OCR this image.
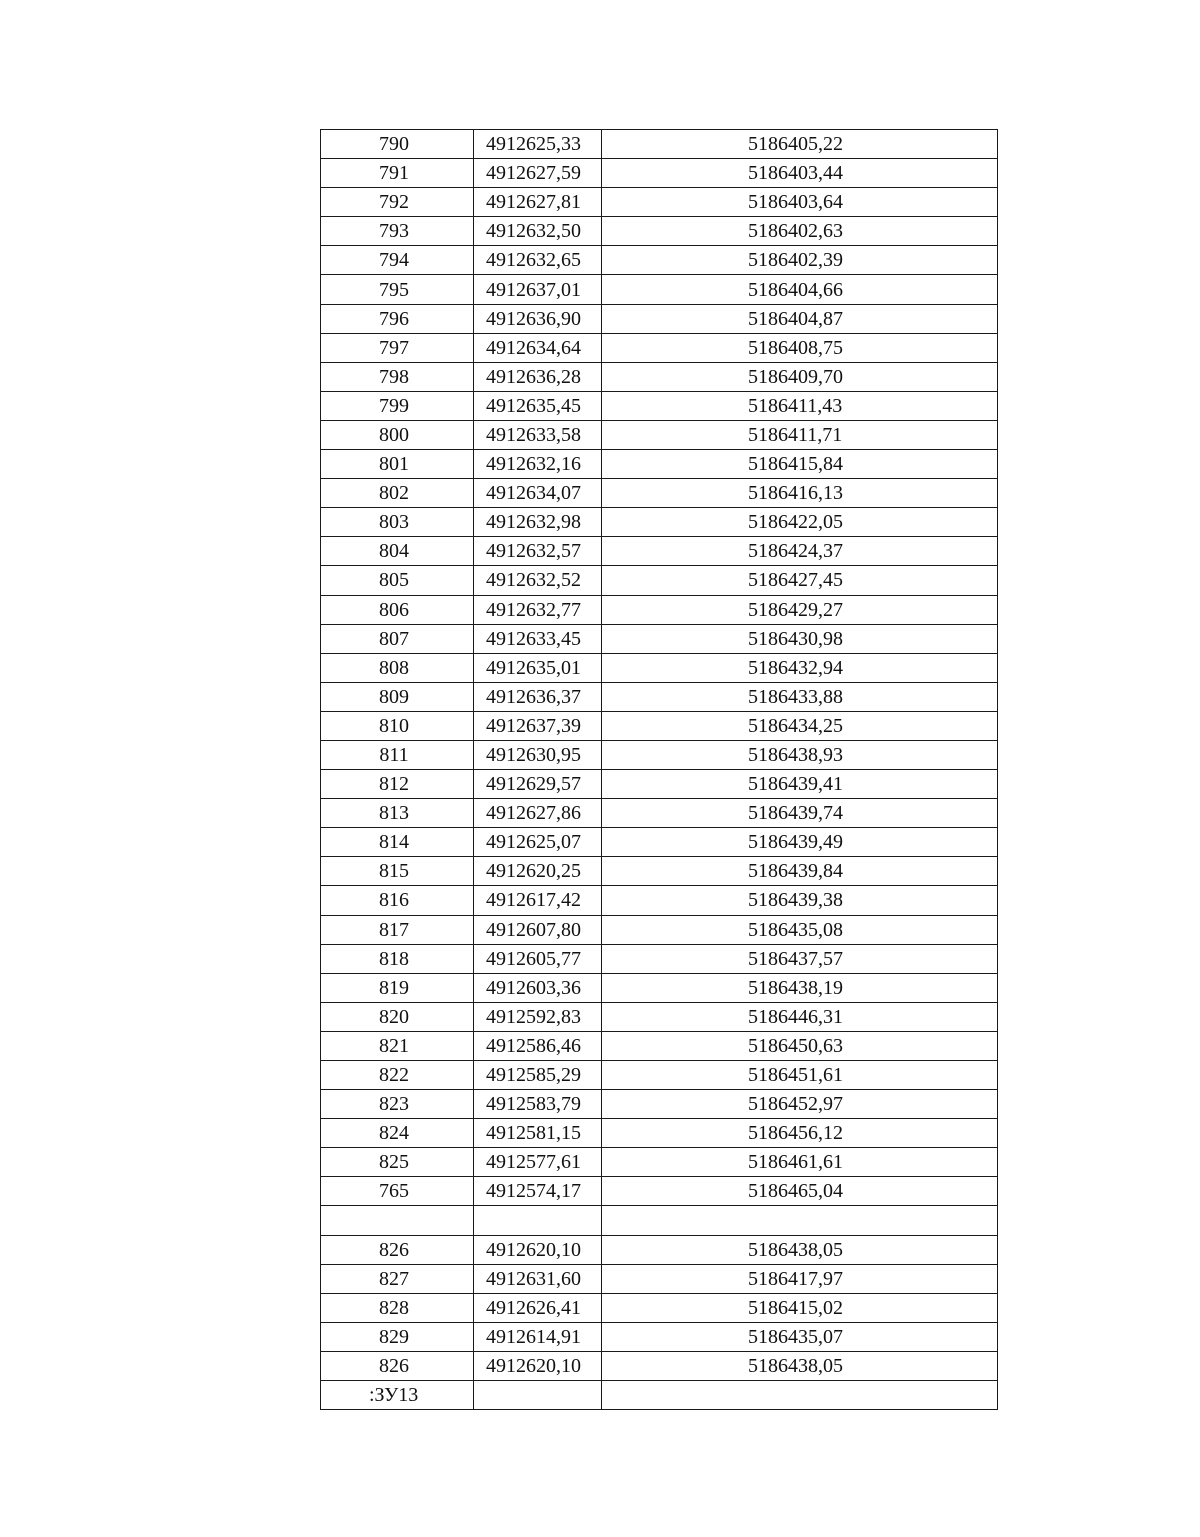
790	4912625,33	5186405,22
791	4912627,59	5186403,44
792	4912627,81	5186403,64
793	4912632,50	5186402,63
794	4912632,65	5186402,39
795	4912637,01	5186404,66
796	4912636,90	5186404,87
797	4912634,64	5186408,75
798	4912636,28	5186409,70
799	4912635,45	5186411,43
800	4912633,58	5186411,71
801	4912632,16	5186415,84
802	4912634,07	5186416,13
803	4912632,98	5186422,05
804	4912632,57	5186424,37
805	4912632,52	5186427,45
806	4912632,77	5186429,27
807	4912633,45	5186430,98
808	4912635,01	5186432,94
809	4912636,37	5186433,88
810	4912637,39	5186434,25
811	4912630,95	5186438,93
812	4912629,57	5186439,41
813	4912627,86	5186439,74
814	4912625,07	5186439,49
815	4912620,25	5186439,84
816	4912617,42	5186439,38
817	4912607,80	5186435,08
818	4912605,77	5186437,57
819	4912603,36	5186438,19
820	4912592,83	5186446,31
821	4912586,46	5186450,63
822	4912585,29	5186451,61
823	4912583,79	5186452,97
824	4912581,15	5186456,12
825	4912577,61	5186461,61
765	4912574,17	5186465,04

826	4912620,10	5186438,05
827	4912631,60	5186417,97
828	4912626,41	5186415,02
829	4912614,91	5186435,07
826	4912620,10	5186438,05
:ЗУ13		
